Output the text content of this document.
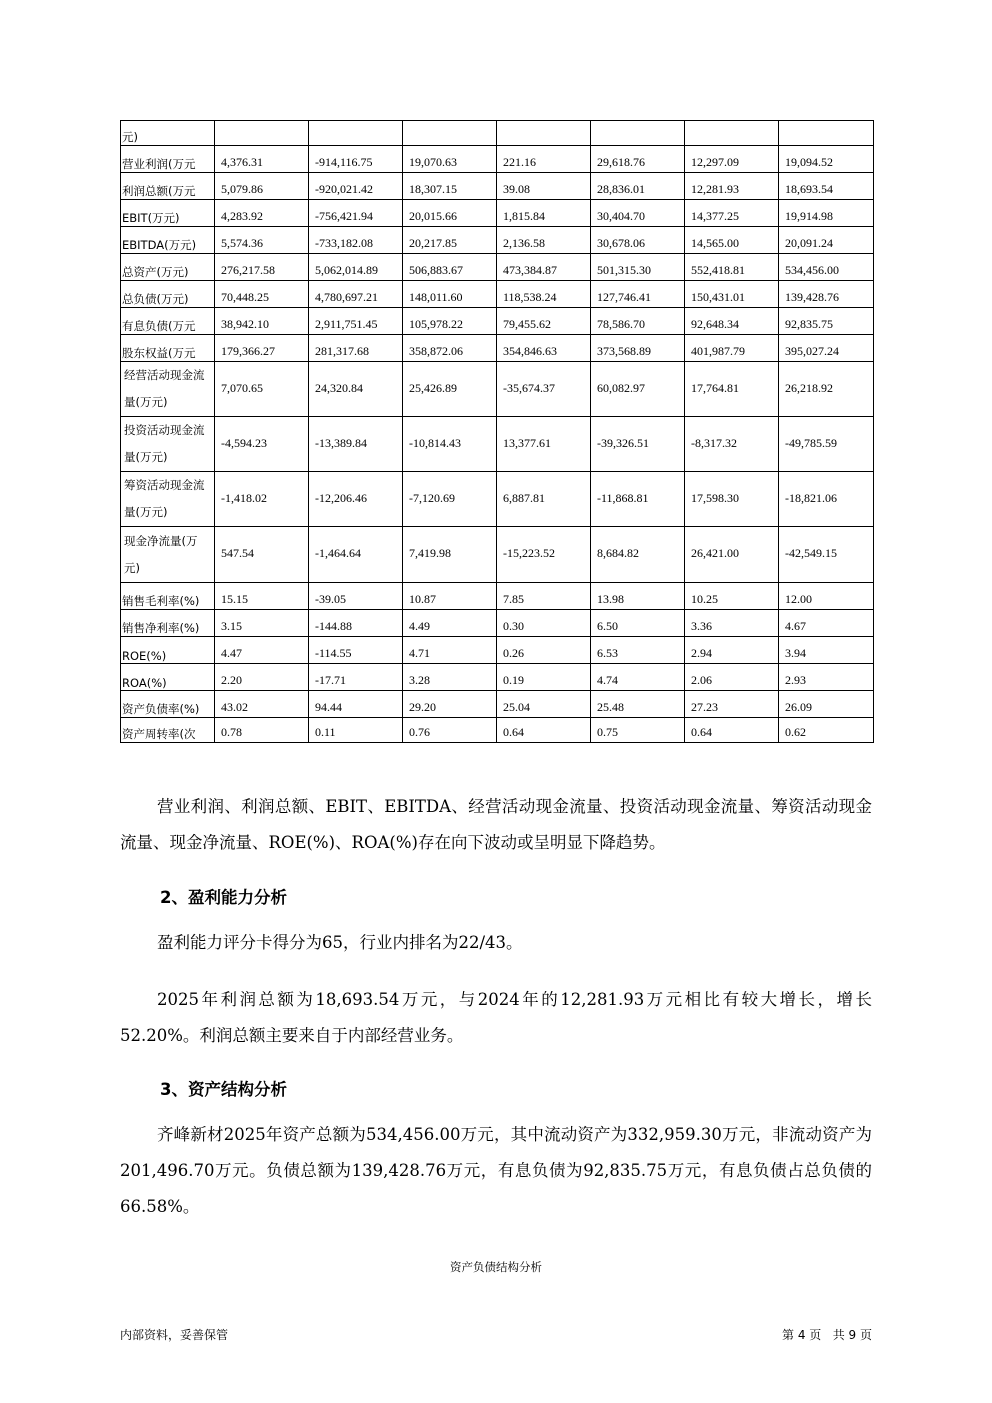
元)							
营业利润(万元	4,376.31	-914,116.75	19,070.63	221.16	29,618.76	12,297.09	19,094.52
利润总额(万元	5,079.86	-920,021.42	18,307.15	39.08	28,836.01	12,281.93	18,693.54
EBIT(万元)	4,283.92	-756,421.94	20,015.66	1,815.84	30,404.70	14,377.25	19,914.98
EBITDA(万元)	5,574.36	-733,182.08	20,217.85	2,136.58	30,678.06	14,565.00	20,091.24
总资产(万元)	276,217.58	5,062,014.89	506,883.67	473,384.87	501,315.30	552,418.81	534,456.00
总负债(万元)	70,448.25	4,780,697.21	148,011.60	118,538.24	127,746.41	150,431.01	139,428.76
有息负债(万元	38,942.10	2,911,751.45	105,978.22	79,455.62	78,586.70	92,648.34	92,835.75
股东权益(万元	179,366.27	281,317.68	358,872.06	354,846.63	373,568.89	401,987.79	395,027.24
经营活动现金流量(万元)	7,070.65	24,320.84	25,426.89	-35,674.37	60,082.97	17,764.81	26,218.92
投资活动现金流量(万元)	-4,594.23	-13,389.84	-10,814.43	13,377.61	-39,326.51	-8,317.32	-49,785.59
筹资活动现金流量(万元)	-1,418.02	-12,206.46	-7,120.69	6,887.81	-11,868.81	17,598.30	-18,821.06
现金净流量(万元)	547.54	-1,464.64	7,419.98	-15,223.52	8,684.82	26,421.00	-42,549.15
销售毛利率(%)	15.15	-39.05	10.87	7.85	13.98	10.25	12.00
销售净利率(%)	3.15	-144.88	4.49	0.30	6.50	3.36	4.67
ROE(%)	4.47	-114.55	4.71	0.26	6.53	2.94	3.94
ROA(%)	2.20	-17.71	3.28	0.19	4.74	2.06	2.93
资产负债率(%)	43.02	94.44	29.20	25.04	25.48	27.23	26.09
资产周转率(次	0.78	0.11	0.76	0.64	0.75	0.64	0.62

营业利润、利润总额、EBIT、EBITDA、经营活动现金流量、投资活动现金流量、筹资活动现金流量、现金净流量、ROE(%)、ROA(%)存在向下波动或呈明显下降趋势。

2、盈利能力分析

盈利能力评分卡得分为65，行业内排名为22/43。

2025年利润总额为18,693.54万元，与2024年的12,281.93万元相比有较大增长，增长52.20%。利润总额主要来自于内部经营业务。

3、资产结构分析

齐峰新材2025年资产总额为534,456.00万元，其中流动资产为332,959.30万元，非流动资产为201,496.70万元。负债总额为139,428.76万元，有息负债为92,835.75万元，有息负债占总负债的66.58%。

资产负债结构分析

内部资料，妥善保管	第 4 页   共 9 页
